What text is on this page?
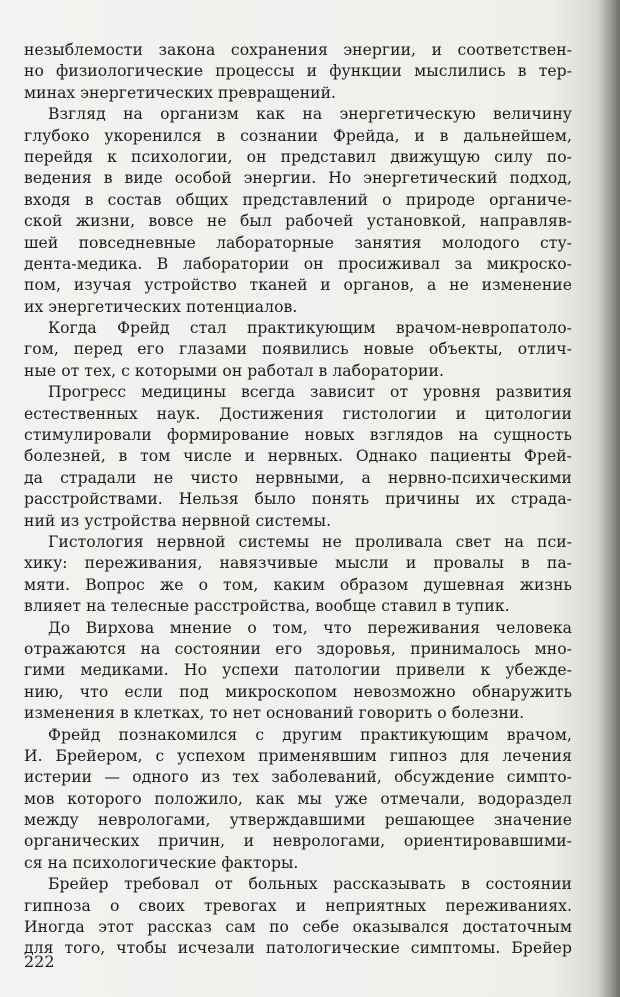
незыблемости закона сохранения энергии, и соответствен-
но физиологические процессы и функции мыслились в тер-
минах энергетических превращений.
Взгляд на организм как на энергетическую величину
глубоко укоренился в сознании Фрейда, и в дальнейшем,
перейдя к психологии, он представил движущую силу по-
ведения в виде особой энергии. Но энергетический подход,
входя в состав общих представлений о природе органиче-
ской жизни, вовсе не был рабочей установкой, направляв-
шей повседневные лабораторные занятия молодого сту-
дента-медика. В лаборатории он просиживал за микроско-
пом, изучая устройство тканей и органов, а не изменение
их энергетических потенциалов.
Когда Фрейд стал практикующим врачом-невропатоло-
гом, перед его глазами появились новые объекты, отлич-
ные от тех, с которыми он работал в лаборатории.
Прогресс медицины всегда зависит от уровня развития
естественных наук. Достижения гистологии и цитологии
стимулировали формирование новых взглядов на сущность
болезней, в том числе и нервных. Однако пациенты Фрей-
да страдали не чисто нервными, а нервно-психическими
расстройствами. Нельзя было понять причины их страда-
ний из устройства нервной системы.
Гистология нервной системы не проливала свет на пси-
хику: переживания, навязчивые мысли и провалы в па-
мяти. Вопрос же о том, каким образом душевная жизнь
влияет на телесные расстройства, вообще ставил в тупик.
До Вирхова мнение о том, что переживания человека
отражаются на состоянии его здоровья, принималось мно-
гими медиками. Но успехи патологии привели к убежде-
нию, что если под микроскопом невозможно обнаружить
изменения в клетках, то нет оснований говорить о болезни.
Фрейд познакомился с другим практикующим врачом,
И. Брейером, с успехом применявшим гипноз для лечения
истерии — одного из тех заболеваний, обсуждение симпто-
мов которого положило, как мы уже отмечали, водораздел
между неврологами, утверждавшими решающее значение
органических причин, и неврологами, ориентировавшими-
ся на психологические факторы.
Брейер требовал от больных рассказывать в состоянии
гипноза о своих тревогах и неприятных переживаниях.
Иногда этот рассказ сам по себе оказывался достаточным
для того, чтобы исчезали патологические симптомы. Брейер
222
